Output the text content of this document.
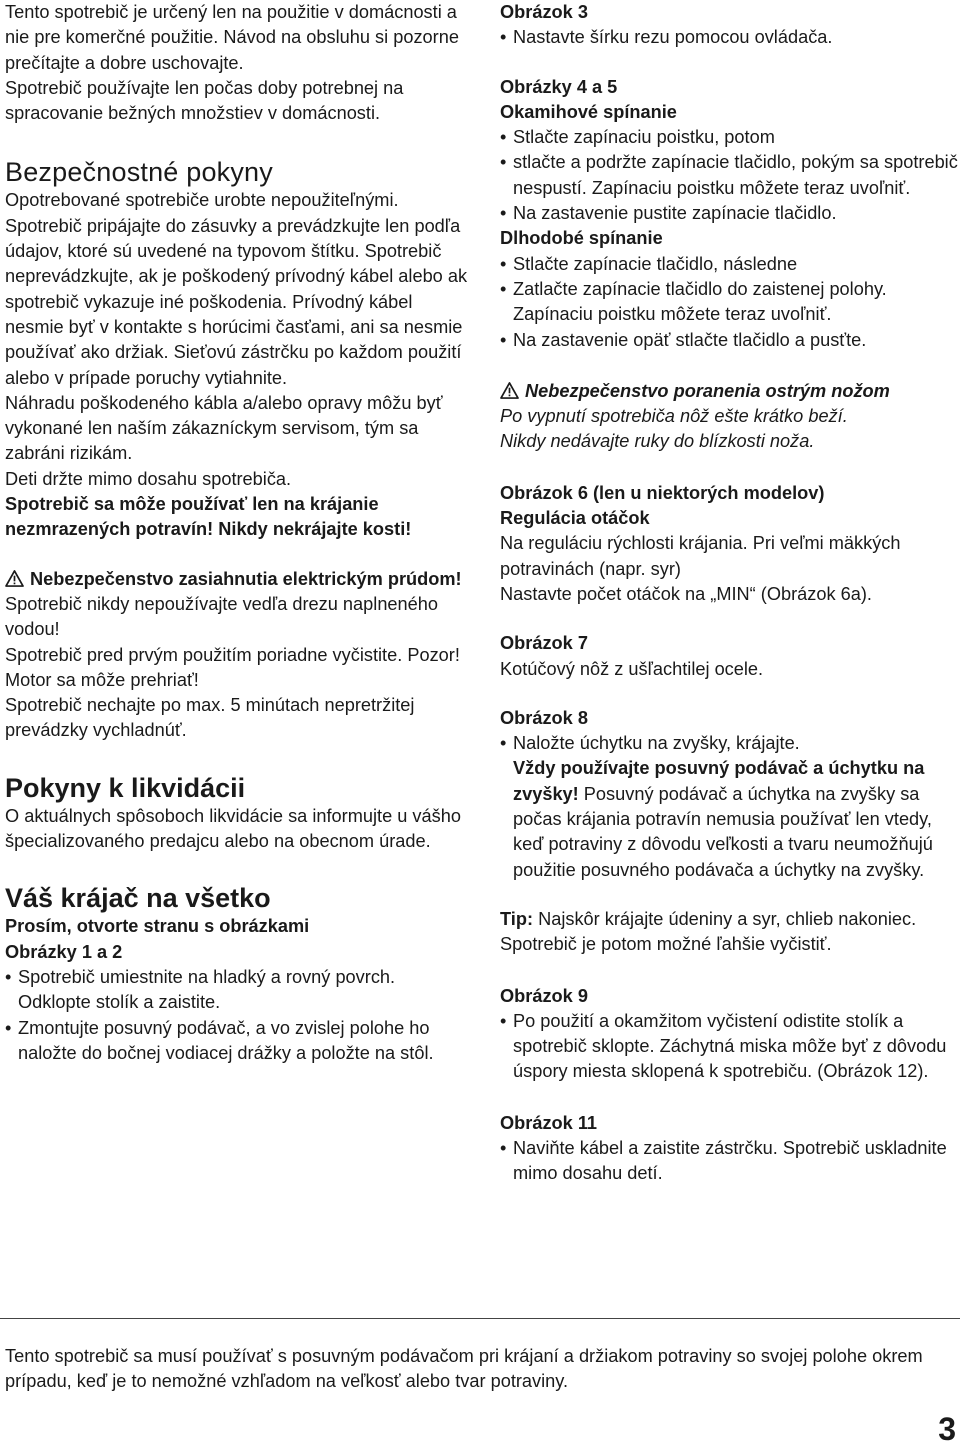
Tento spotrebič je určený len na použitie v domácnosti a nie pre komerčné použitie. Návod na obsluhu si pozorne prečítajte a dobre uschovajte.

Spotrebič používajte len počas doby potrebnej na spracovanie bežných množstiev v domácnosti.

Bezpečnostné pokyny

Opotrebované spotrebiče urobte nepoužiteľnými.

Spotrebič pripájajte do zásuvky a prevádzkujte len podľa údajov, ktoré sú uvedené na typovom štítku. Spotrebič neprevádzkujte, ak je poškodený prívodný kábel alebo ak spotrebič vykazuje iné poškodenia. Prívodný kábel nesmie byť v kontakte s horúcimi časťami, ani sa nesmie používať ako držiak. Sieťovú zástrčku po každom použití alebo v prípade poruchy vytiahnite.

Náhradu poškodeného kábla a/alebo opravy môžu byť vykonané len naším zákazníckym servisom, tým sa zabráni rizikám.

Deti držte mimo dosahu spotrebiča.

Spotrebič sa môže používať len na krájanie nezmrazených potravín! Nikdy nekrájajte kosti!

Nebezpečenstvo zasiahnutia elektrickým prúdom!

Spotrebič nikdy nepoužívajte vedľa drezu naplneného vodou!

Spotrebič pred prvým použitím poriadne vyčistite. Pozor! Motor sa môže prehriať!

Spotrebič nechajte po max. 5 minútach nepretržitej prevádzky vychladnúť.

Pokyny k likvidácii

O aktuálnych spôsoboch likvidácie sa informujte u vášho špecializovaného predajcu alebo na obecnom úrade.

Váš krájač na všetko

Prosím, otvorte stranu s obrázkami

Obrázky 1 a 2

• Spotrebič umiestnite na hladký a rovný povrch. Odklopte stolík a zaistite.
• Zmontujte posuvný podávač, a vo zvislej polohe ho naložte do bočnej vodiacej drážky a položte na stôl.

Obrázok 3

• Nastavte šírku rezu pomocou ovládača.

Obrázky 4 a 5

Okamihové spínanie

• Stlačte zapínaciu poistku, potom
• stlačte a podržte zapínacie tlačidlo, pokým sa spotrebič nespustí. Zapínaciu poistku môžete teraz uvoľniť.
• Na zastavenie pustite zapínacie tlačidlo.

Dlhodobé spínanie

• Stlačte zapínacie tlačidlo, následne
• Zatlačte zapínacie tlačidlo do zaistenej polohy. Zapínaciu poistku môžete teraz uvoľniť.
• Na zastavenie opäť stlačte tlačidlo a pusťte.

Nebezpečenstvo poranenia ostrým nožom

Po vypnutí spotrebiča nôž ešte krátko beží.

Nikdy nedávajte ruky do blízkosti noža.

Obrázok 6 (len u niektorých modelov)

Regulácia otáčok

Na reguláciu rýchlosti krájania. Pri veľmi mäkkých potravinách (napr. syr)

Nastavte počet otáčok na „MIN“ (Obrázok 6a).

Obrázok 7

Kotúčový nôž z ušľachtilej ocele.

Obrázok 8

• Naložte úchytku na zvyšky, krájajte.

Vždy používajte posuvný podávač a úchytku na zvyšky! Posuvný podávač a úchytka na zvyšky sa počas krájania potravín nemusia používať len vtedy, keď potraviny z dôvodu veľkosti a tvaru neumožňujú použitie posuvného podávača a úchytky na zvyšky.

Tip: Najskôr krájajte údeniny a syr, chlieb nakoniec. Spotrebič je potom možné ľahšie vyčistiť.

Obrázok 9

• Po použití a okamžitom vyčistení odistite stolík a spotrebič sklopte. Záchytná miska môže byť z dôvodu úspory miesta sklopená k spotrebiču. (Obrázok 12).

Obrázok 11

• Naviňte kábel a zaistite zástrčku. Spotrebič uskladnite mimo dosahu detí.

Tento spotrebič sa musí používať s posuvným podávačom pri krájaní a držiakom potraviny so svojej polohe okrem prípadu, keď je to nemožné vzhľadom na veľkosť alebo tvar potraviny.

3
